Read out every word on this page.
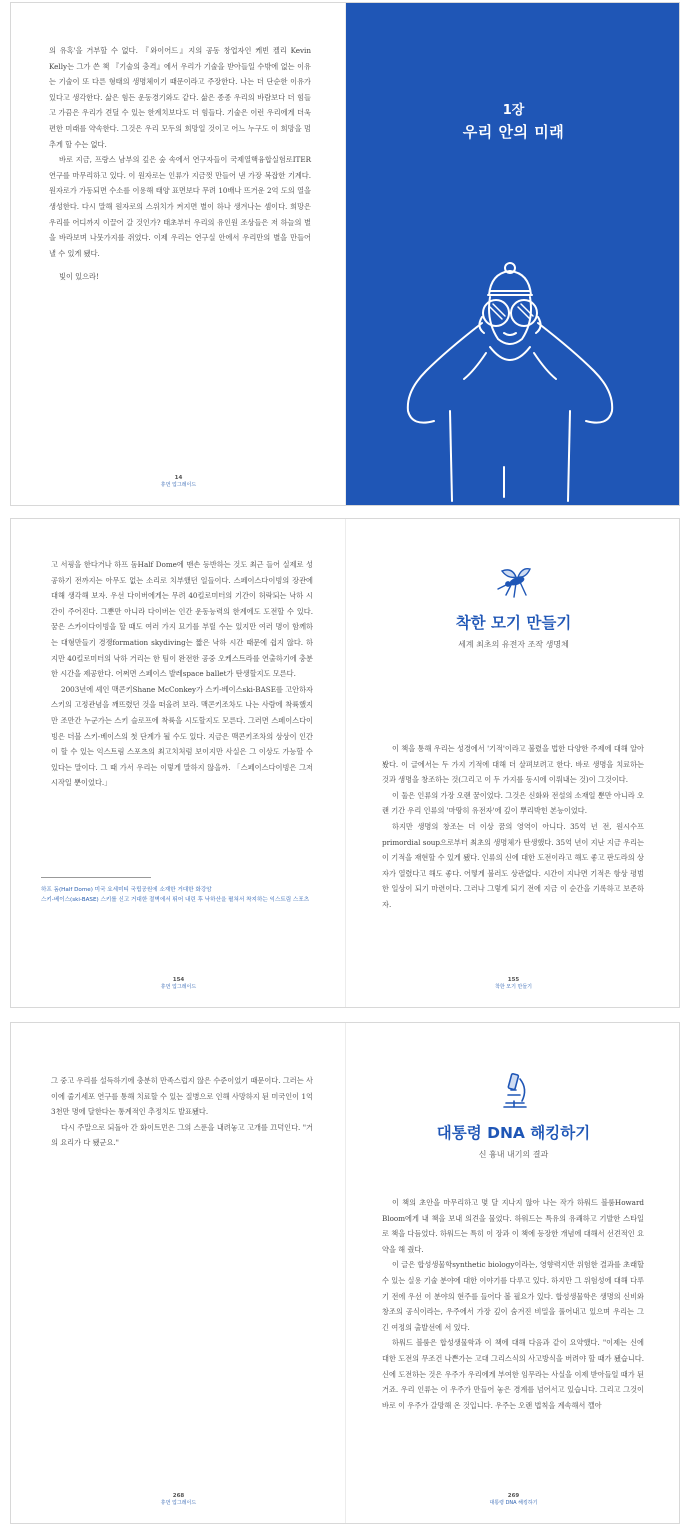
의 유혹'을 거부할 수 없다. 『와이어드』지의 공동 창업자인 케빈 켈리 Kevin Kelly는 그가 쓴 책 『기술의 충격』에서 우리가 기술을 받아들일 수밖에 없는 이유는 기술이 또 다른 형태의 생명체이기 때문이라고 주장한다. 나는 더 단순한 이유가 있다고 생각한다. 삶은 힘든 운동경기와도 같다. 삶은 종종 우리의 바람보다 더 힘들고 가끔은 우리가 견딜 수 있는 한계치보다도 더 힘들다. 기술은 이런 우리에게 더욱 편한 미래를 약속한다. 그것은 우리 모두의 희망일 것이고 어느 누구도 이 희망을 멈추게 할 수는 없다.

바로 지금, 프랑스 남부의 깊은 숲 속에서 연구자들이 국제열핵융합실험로ITER 연구를 마무리하고 있다. 이 원자로는 인류가 지금껏 만들어 낸 가장 복잡한 기계다. 원자로가 가동되면 수소를 이용해 태양 표면보다 무려 10배나 뜨거운 2억 도의 열을 생성한다. 다시 말해 원자로의 스위치가 켜지면 별이 하나 생겨나는 셈이다. 희망은 우리를 어디까지 이끌어 갈 것인가? 태초부터 우리의 유인원 조상들은 저 하늘의 별을 바라보며 나뭇가지를 쥐었다. 이제 우리는 연구실 안에서 우리만의 별을 만들어 낼 수 있게 됐다.

빛이 있으라!

14
휴먼 업그레이드
1장
우리 안의 미래

고 서핑을 한다거나 하프 돔Half Dome에 맨손 등반하는 것도 최근 들어 실제로 성공하기 전까지는 아무도 없는 소리로 치부했던 일들이다. 스페이스다이빙의 장관에 대해 생각해 보자. 우선 다이버에게는 무려 40킬로미터의 기간이 허락되는 낙하 시간이 주어진다. 그뿐만 아니라 다이버는 인간 운동능력의 한계에도 도전할 수 있다. 꿈은 스카이다이빙을 할 때도 여러 가지 묘기를 부릴 수는 있지만 여러 명이 함께하는 대형만들기 경쟁formation skydiving는 짧은 낙하 시간 때문에 쉽지 않다. 하지만 40킬로미터의 낙하 거리는 한 팀이 완전한 공중 오케스트라를 연출하기에 충분한 시간을 제공한다. 어쩌면 스페이스 발레space ballet가 탄생할지도 모른다.

2003년에 셰인 맥콘키Shane McConkey가 스키-베이스ski-BASE를 고안하자 스키의 고정관념을 깨뜨렸던 것을 떠올려 보라. 맥콘키조차도 나는 사람에 착륙했지만 조만간 누군가는 스키 슬로프에 착륙을 시도할지도 모른다. 그러면 스페이스다이빙은 더블 스키-베이스의 첫 단계가 될 수도 있다. 지금은 맥콘키조차의 상상이 인간이 할 수 있는 익스트림 스포츠의 최고치처럼 보이지만 사실은 그 이상도 가능할 수 있다는 말이다. 그 때 가서 우리는 이렇게 말하지 않을까. 「스페이스다이빙은 그저 시작일 뿐이었다.」

하프 돔(Half Dome) 미국 요세미티 국립공원에 소재한 거대한 화강암

스키-베이스(ski-BASE) 스키를 신고 거대한 절벽에서 뛰어 내린 후 낙하산을 펼쳐서 착지하는 익스트림 스포츠

154
휴먼 업그레이드
착한 모기 만들기
세계 최초의 유전자 조작 생명체

이 책을 통해 우리는 성경에서 '기적'이라고 불렸을 법한 다양한 주제에 대해 알아봤다. 이 글에서는 두 가지 기적에 대해 더 살펴보려고 한다. 바로 생명을 치료하는 것과 생명을 창조하는 것(그리고 이 두 가지를 동시에 이뤄내는 것)이 그것이다.

이 둘은 인류의 가장 오랜 꿈이었다. 그것은 신화와 전설의 소재일 뿐만 아니라 오랜 기간 우리 인류의 '마땅히 유전자'에 깊이 뿌리박힌 본능이었다.

하지만 생명의 창조는 더 이상 꿈의 영역이 아니다. 35억 년 전, 원시수프primordial soup으로부터 최초의 생명체가 탄생했다. 35억 년이 지난 지금 우리는 이 기적을 재현할 수 있게 됐다. 인류의 신에 대한 도전이라고 해도 좋고 판도라의 상자가 열렸다고 해도 좋다. 어떻게 불러도 상관없다. 시간이 지나면 기적은 항상 평범한 일상이 되기 마련이다. 그러나 그렇게 되기 전에 지금 이 순간을 기록하고 보존하자.

155
착한 모기 만들기

그 중고 우리를 설득하기에 충분히 만족스럽지 않은 수준이었기 때문이다. 그러는 사이에 줄기세포 연구를 통해 치료할 수 있는 질병으로 인해 사망하지 된 미국인이 1억 3천만 명에 달한다는 통계적인 추정치도 발표됐다.

다시 주말으로 되돌아 간 화이트먼은 그의 스푼을 내려놓고 고개를 끄덕인다. "거의 요리가 다 됐군요."

268
휴먼 업그레이드
대통령 DNA 해킹하기
신 흉내 내기의 결과

이 책의 초안을 마무리하고 몇 달 지나지 않아 나는 작가 하워드 블룸Howard Bloom에게 내 책을 보내 의견을 물었다. 하워드는 특유의 유쾌하고 기발한 스타일로 책을 다듬었다. 하워드는 특히 이 장과 이 책에 등장한 개념에 대해서 선견적인 요약을 해 줬다.

이 글은 합성생물학synthetic biology이라는, 영향력지만 위험한 결과를 초래할 수 있는 실용 기술 분야에 대한 이야기를 다루고 있다. 하지만 그 위험성에 대해 다루기 전에 우선 이 분야의 현주를 들어다 볼 필요가 있다. 합성생물학은 생명의 신비와 창조의 공식이라는, 우주에서 가장 깊이 숨겨진 비밀을 풀어내고 있으며 우리는 그 긴 여정의 출발선에 서 있다.

하워드 블룸은 합성생물학과 이 책에 대해 다음과 같이 요약했다. "이제는 신에 대한 도전의 무조건 나쁜가는 고대 그리스식의 사고방식을 버려야 할 때가 됐습니다. 신에 도전하는 것은 우주가 우리에게 부여한 임무라는 사실을 이제 받아들일 때가 된 거죠. 우리 인류는 이 우주가 만들어 놓은 경계를 넘어서고 있습니다. 그리고 그것이 바로 이 우주가 갈망해 온 것입니다. 우주는 오랜 법칙을 계속해서 깰아

269
대통령 DNA 해킹하기
